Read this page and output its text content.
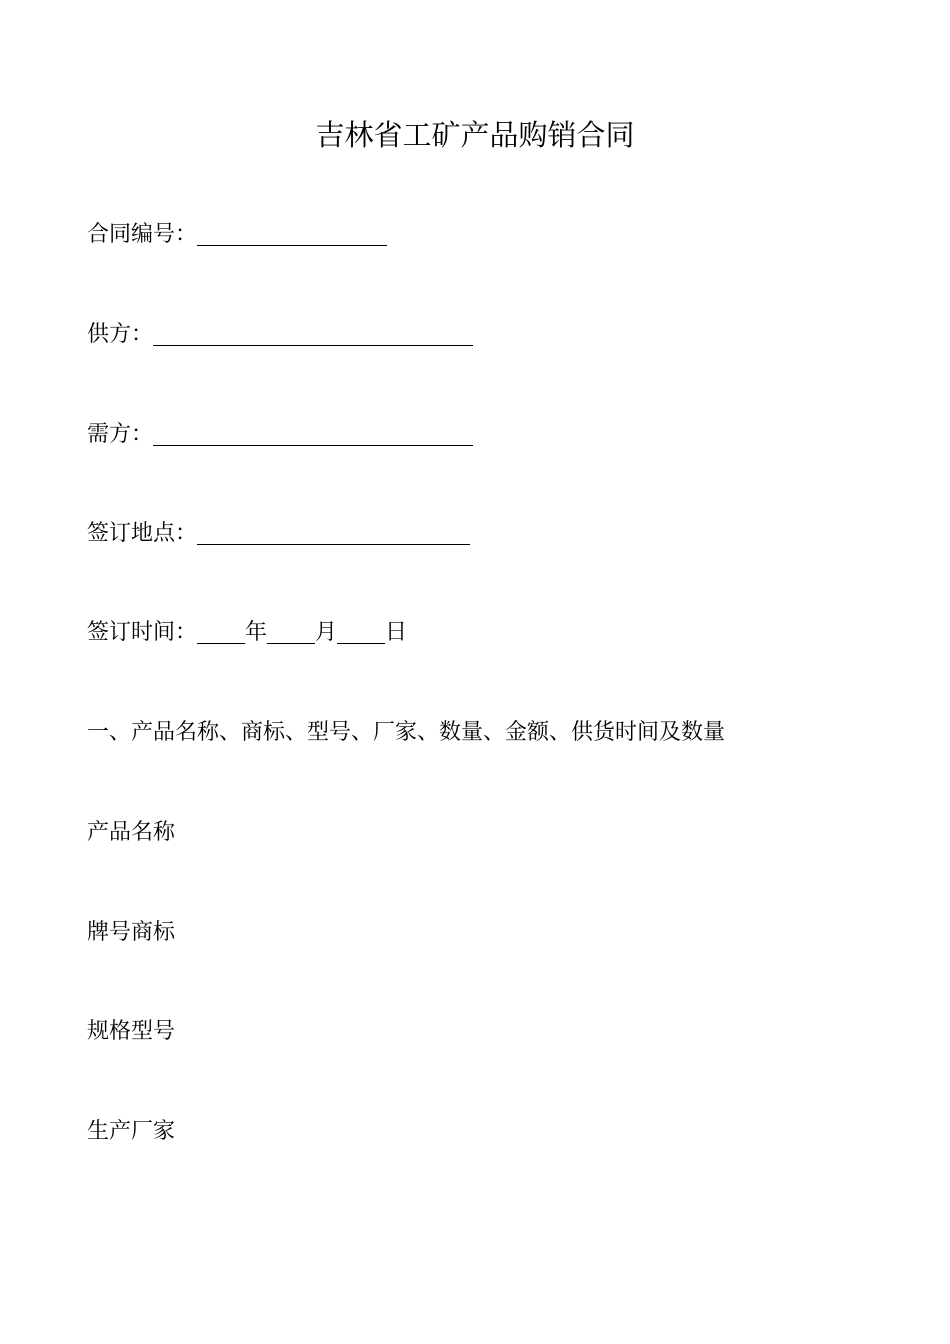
吉林省工矿产品购销合同
合同编号：
供方：
需方：
签订地点：
签订时间： 年 月 日
一、产品名称、商标、型号、厂家、数量、金额、供货时间及数量
产品名称
牌号商标
规格型号
生产厂家
